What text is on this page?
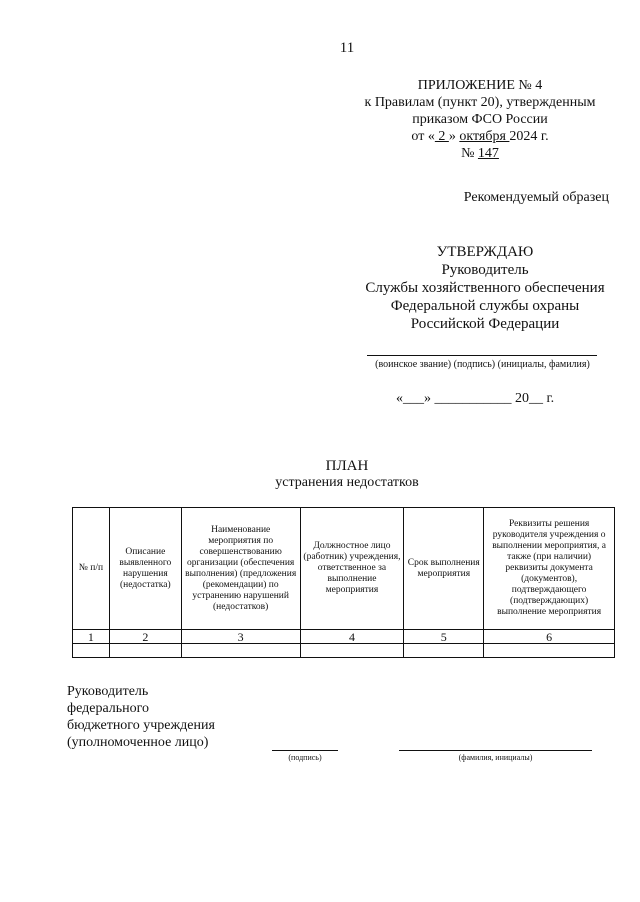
11
ПРИЛОЖЕНИЕ № 4
к Правилам (пункт 20), утвержденным
приказом ФСО России
от « 2 » октября 2024 г.
№ 147
Рекомендуемый образец
УТВЕРЖДАЮ
Руководитель
Службы хозяйственного обеспечения
Федеральной службы охраны
Российской Федерации
(воинское звание) (подпись) (инициалы, фамилия)
«___» ___________ 20__ г.
ПЛАН
устранения недостатков
№ п/п	Описание выявленного нарушения (недостатка)	Наименование мероприятия по совершенствованию организации (обеспечения выполнения) (предложения (рекомендации) по устранению нарушений (недостатков)	Должностное лицо (работник) учреждения, ответственное за выполнение мероприятия	Срок выполнения мероприятия	Реквизиты решения руководителя учреждения о выполнении мероприятия, а также (при наличии) реквизиты документа (документов), подтверждающего (подтверждающих) выполнение мероприятия
1	2	3	4	5	6

Руководитель
федерального
бюджетного учреждения
(уполномоченное лицо)
(подпись)	(фамилия, инициалы)
